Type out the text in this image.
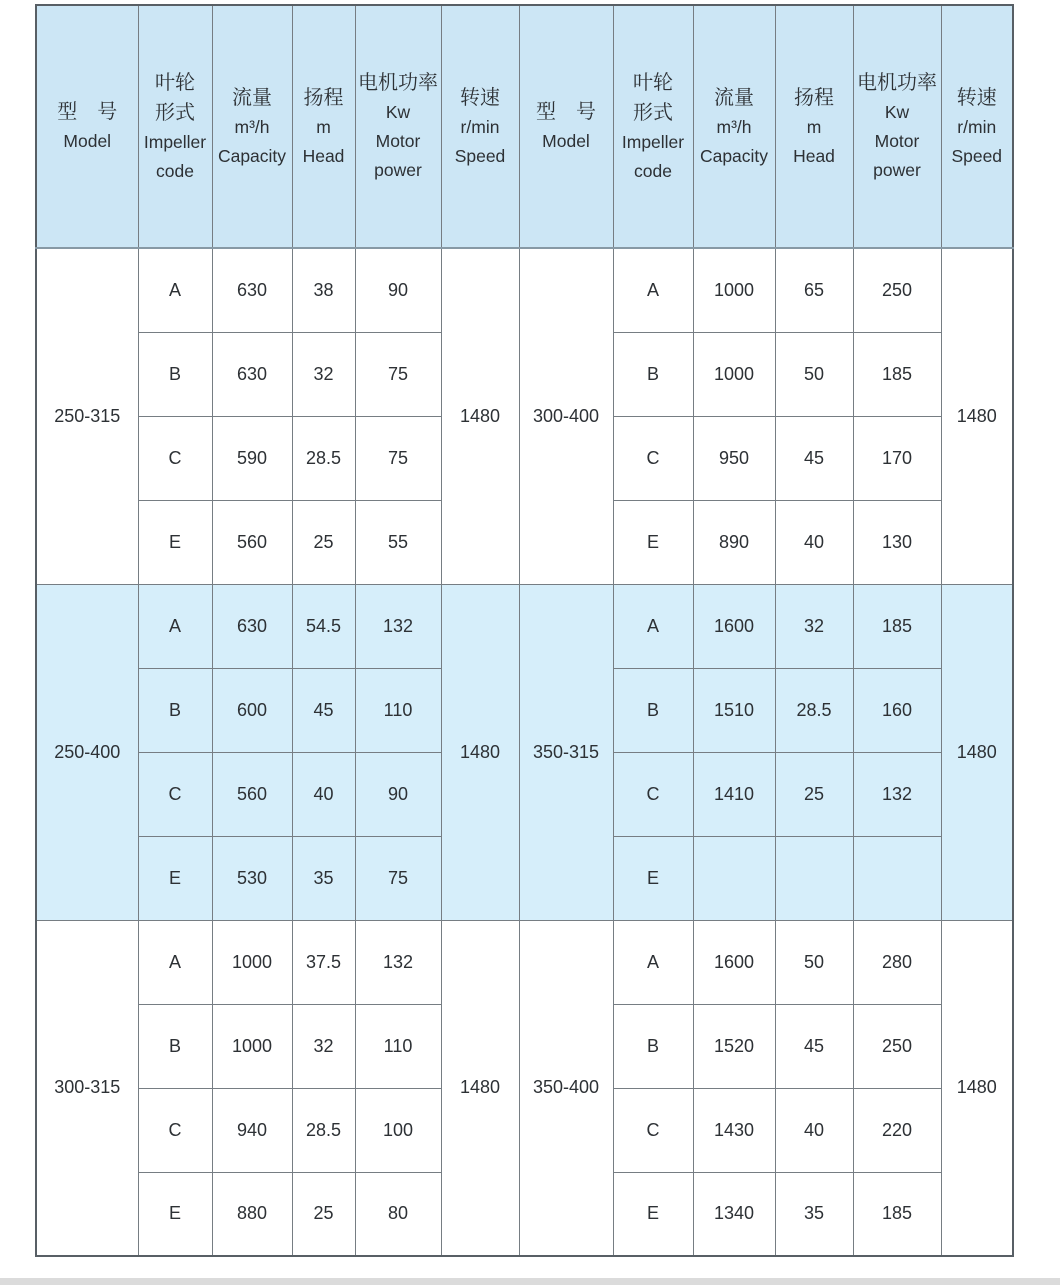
型　号
Model

叶轮
形式
Impeller
code

流量
m³/h
Capacity

扬程
m
Head

电机功率
Kw
Motor
power

转速
r/min
Speed

型　号
Model

叶轮
形式
Impeller
code

流量
m³/h
Capacity

扬程
m
Head

电机功率
Kw
Motor
power

转速
r/min
Speed

250-315	A	630	38	90	1480	300-400	A	1000	65	250	1480
	B	630	32	75			B	1000	50	185	
	C	590	28.5	75			C	950	45	170	
	E	560	25	55			E	890	40	130	
250-400	A	630	54.5	132	1480	350-315	A	1600	32	185	1480
	B	600	45	110			B	1510	28.5	160	
	C	560	40	90			C	1410	25	132	
	E	530	35	75			E				
300-315	A	1000	37.5	132	1480	350-400	A	1600	50	280	1480
	B	1000	32	110			B	1520	45	250	
	C	940	28.5	100			C	1430	40	220	
	E	880	25	80			E	1340	35	185	
